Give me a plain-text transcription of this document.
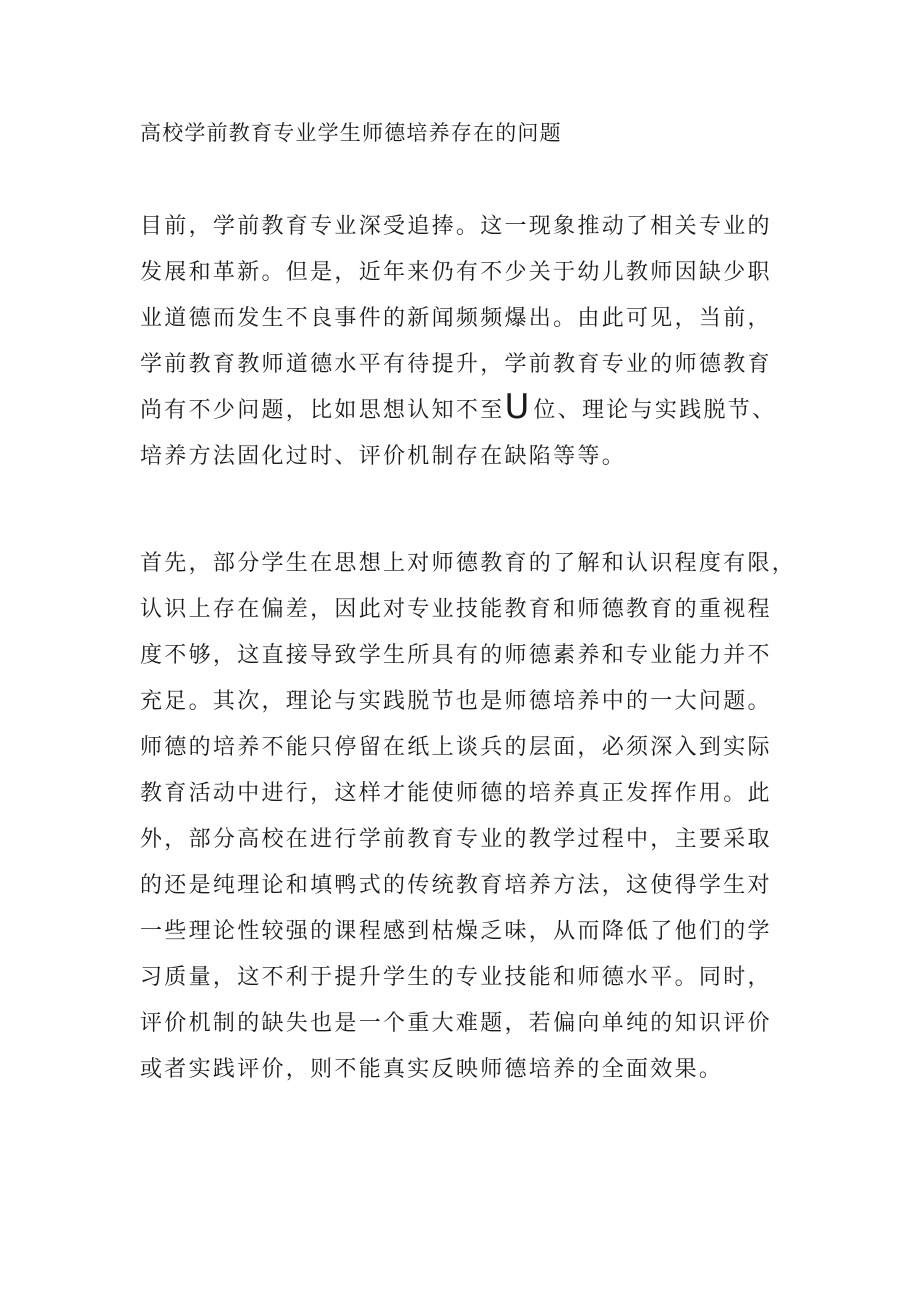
高校学前教育专业学生师德培养存在的问题
目前，学前教育专业深受追捧。这一现象推动了相关专业的
发展和革新。但是，近年来仍有不少关于幼儿教师因缺少职
业道德而发生不良事件的新闻频频爆出。由此可见，当前，
学前教育教师道德水平有待提升，学前教育专业的师德教育
尚有不少问题，比如思想认知不至U位、理论与实践脱节、
培养方法固化过时、评价机制存在缺陷等等。
首先，部分学生在思想上对师德教育的了解和认识程度有限，
认识上存在偏差，因此对专业技能教育和师德教育的重视程
度不够，这直接导致学生所具有的师德素养和专业能力并不
充足。其次，理论与实践脱节也是师德培养中的一大问题。
师德的培养不能只停留在纸上谈兵的层面，必须深入到实际
教育活动中进行，这样才能使师德的培养真正发挥作用。此
外，部分高校在进行学前教育专业的教学过程中，主要采取
的还是纯理论和填鸭式的传统教育培养方法，这使得学生对
一些理论性较强的课程感到枯燥乏味，从而降低了他们的学
习质量，这不利于提升学生的专业技能和师德水平。同时，
评价机制的缺失也是一个重大难题，若偏向单纯的知识评价
或者实践评价，则不能真实反映师德培养的全面效果。
